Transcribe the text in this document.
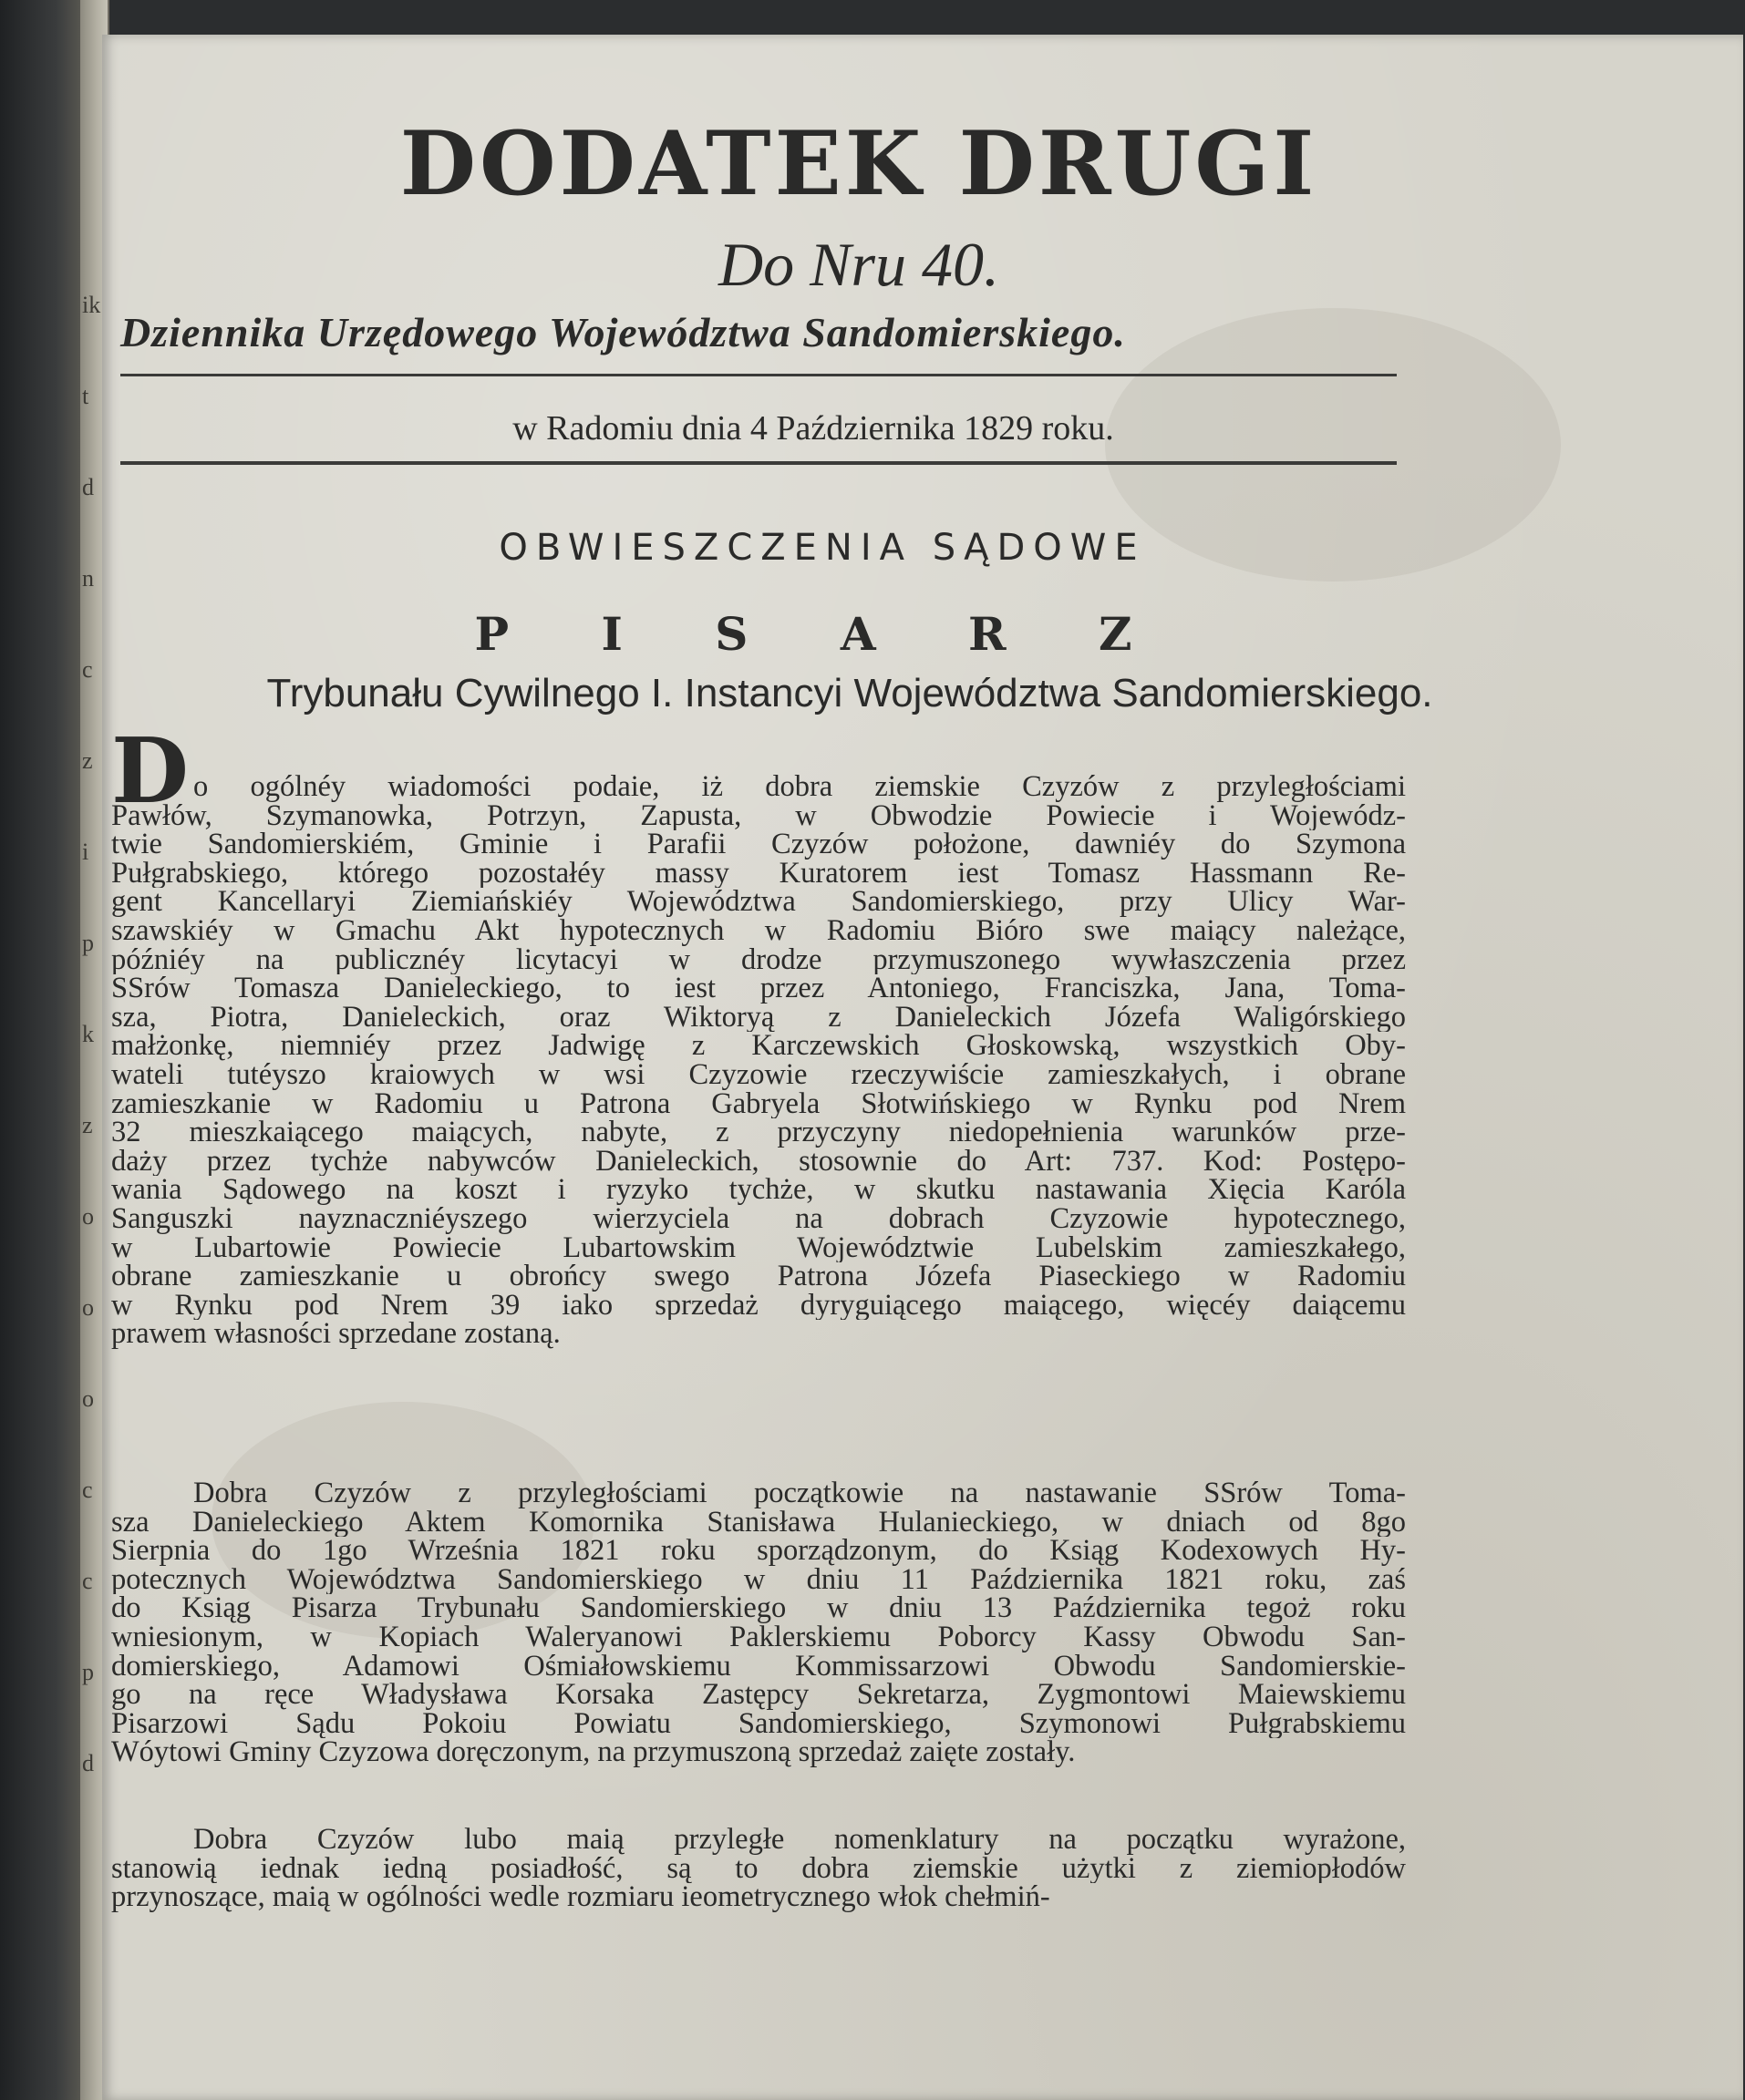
ik
t
d
n
c
z
i
p
k
z
o
o
o
c
c
p
d
DODATEK DRUGI
Do Nru 40.
Dziennika Urzędowego Województwa Sandomierskiego.
w Radomiu dnia 4 Października 1829 roku.
OBWIESZCZENIA SĄDOWE
P I S A R Z
Trybunału Cywilnego I. Instancyi Województwa Sandomierskiego.
D o ogólnéy wiadomości podaie, iż dobra ziemskie Czyzów z przyległościami
Pawłów, Szymanowka, Potrzyn, Zapusta, w Obwodzie Powiecie i Wojewódz-
twie Sandomierskiém, Gminie i Parafii Czyzów położone, dawniéy do Szymona
Pułgrabskiego, którego pozostałéy massy Kuratorem iest Tomasz Hassmann Re-
gent Kancellaryi Ziemiańskiéy Województwa Sandomierskiego, przy Ulicy War-
szawskiéy w Gmachu Akt hypotecznych w Radomiu Bióro swe maiący należące,
późniéy na publicznéy licytacyi w drodze przymuszonego wywłaszczenia przez
SSrów Tomasza Danieleckiego, to iest przez Antoniego, Franciszka, Jana, Toma-
sza, Piotra, Danieleckich, oraz Wiktoryą z Danieleckich Józefa Waligórskiego
małżonkę, niemniéy przez Jadwigę z Karczewskich Głoskowską, wszystkich Oby-
wateli tutéyszo kraiowych w wsi Czyzowie rzeczywiście zamieszkałych, i obrane
zamieszkanie w Radomiu u Patrona Gabryela Słotwińskiego w Rynku pod Nrem
32 mieszkaiącego maiących, nabyte, z przyczyny niedopełnienia warunków prze-
daży przez tychże nabywców Danieleckich, stosownie do Art: 737. Kod: Postępo-
wania Sądowego na koszt i ryzyko tychże, w skutku nastawania Xięcia Karóla
Sanguszki nayznaczniéyszego wierzyciela na dobrach Czyzowie hypotecznego,
w Lubartowie Powiecie Lubartowskim Województwie Lubelskim zamieszkałego,
obrane zamieszkanie u obrońcy swego Patrona Józefa Piaseckiego w Radomiu
w Rynku pod Nrem 39 iako sprzedaż dyryguiącego maiącego, więcéy daiącemu
prawem własności sprzedane zostaną.
Dobra Czyzów z przyległościami początkowie na nastawanie SSrów Toma-
sza Danieleckiego Aktem Komornika Stanisława Hulanieckiego, w dniach od 8go
Sierpnia do 1go Września 1821 roku sporządzonym, do Ksiąg Kodexowych Hy-
potecznych Województwa Sandomierskiego w dniu 11 Października 1821 roku, zaś
do Ksiąg Pisarza Trybunału Sandomierskiego w dniu 13 Października tegoż roku
wniesionym, w Kopiach Waleryanowi Paklerskiemu Poborcy Kassy Obwodu San-
domierskiego, Adamowi Ośmiałowskiemu Kommissarzowi Obwodu Sandomierskie-
go na ręce Władysława Korsaka Zastępcy Sekretarza, Zygmontowi Maiewskiemu
Pisarzowi Sądu Pokoiu Powiatu Sandomierskiego, Szymonowi Pułgrabskiemu
Wóytowi Gminy Czyzowa doręczonym, na przymuszoną sprzedaż zaięte zostały.
Dobra Czyzów lubo maią przyległe nomenklatury na początku wyrażone,
stanowią iednak iedną posiadłość, są to dobra ziemskie użytki z ziemiopłodów
przynoszące, maią w ogólności wedle rozmiaru ieometrycznego włok chełmiń-
